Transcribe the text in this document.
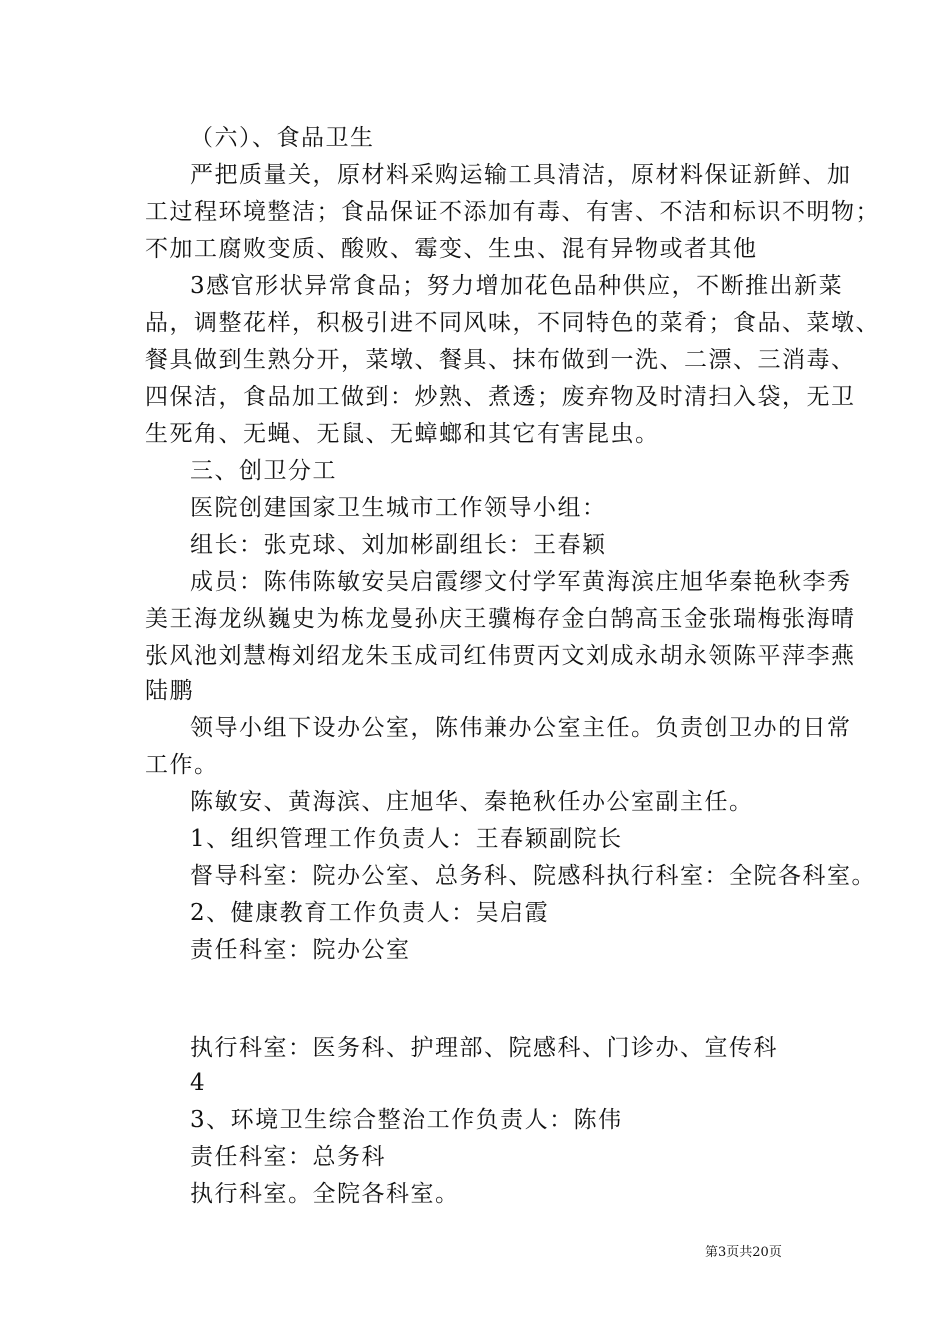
（六）、食品卫生
严把质量关，原材料采购运输工具清洁，原材料保证新鲜、加
工过程环境整洁；食品保证不添加有毒、有害、不洁和标识不明物；
不加工腐败变质、酸败、霉变、生虫、混有异物或者其他
3感官形状异常食品；努力增加花色品种供应，不断推出新菜
品，调整花样，积极引进不同风味，不同特色的菜肴；食品、菜墩、
餐具做到生熟分开，菜墩、餐具、抹布做到一洗、二漂、三消毒、
四保洁，食品加工做到：炒熟、煮透；废弃物及时清扫入袋，无卫
生死角、无蝇、无鼠、无蟑螂和其它有害昆虫。
三、创卫分工
医院创建国家卫生城市工作领导小组：
组长：张克球、刘加彬副组长：王春颖
成员：陈伟陈敏安吴启霞缪文付学军黄海滨庄旭华秦艳秋李秀
美王海龙纵巍史为栋龙曼孙庆王骥梅存金白鹄高玉金张瑞梅张海晴
张风池刘慧梅刘绍龙朱玉成司红伟贾丙文刘成永胡永领陈平萍李燕
陆鹏
领导小组下设办公室，陈伟兼办公室主任。负责创卫办的日常
工作。
陈敏安、黄海滨、庄旭华、秦艳秋任办公室副主任。
1、组织管理工作负责人：王春颖副院长
督导科室：院办公室、总务科、院感科执行科室：全院各科室。
2、健康教育工作负责人：吴启霞
责任科室：院办公室
执行科室：医务科、护理部、院感科、门诊办、宣传科
4
3、环境卫生综合整治工作负责人：陈伟
责任科室：总务科
执行科室。全院各科室。
第3页共20页
